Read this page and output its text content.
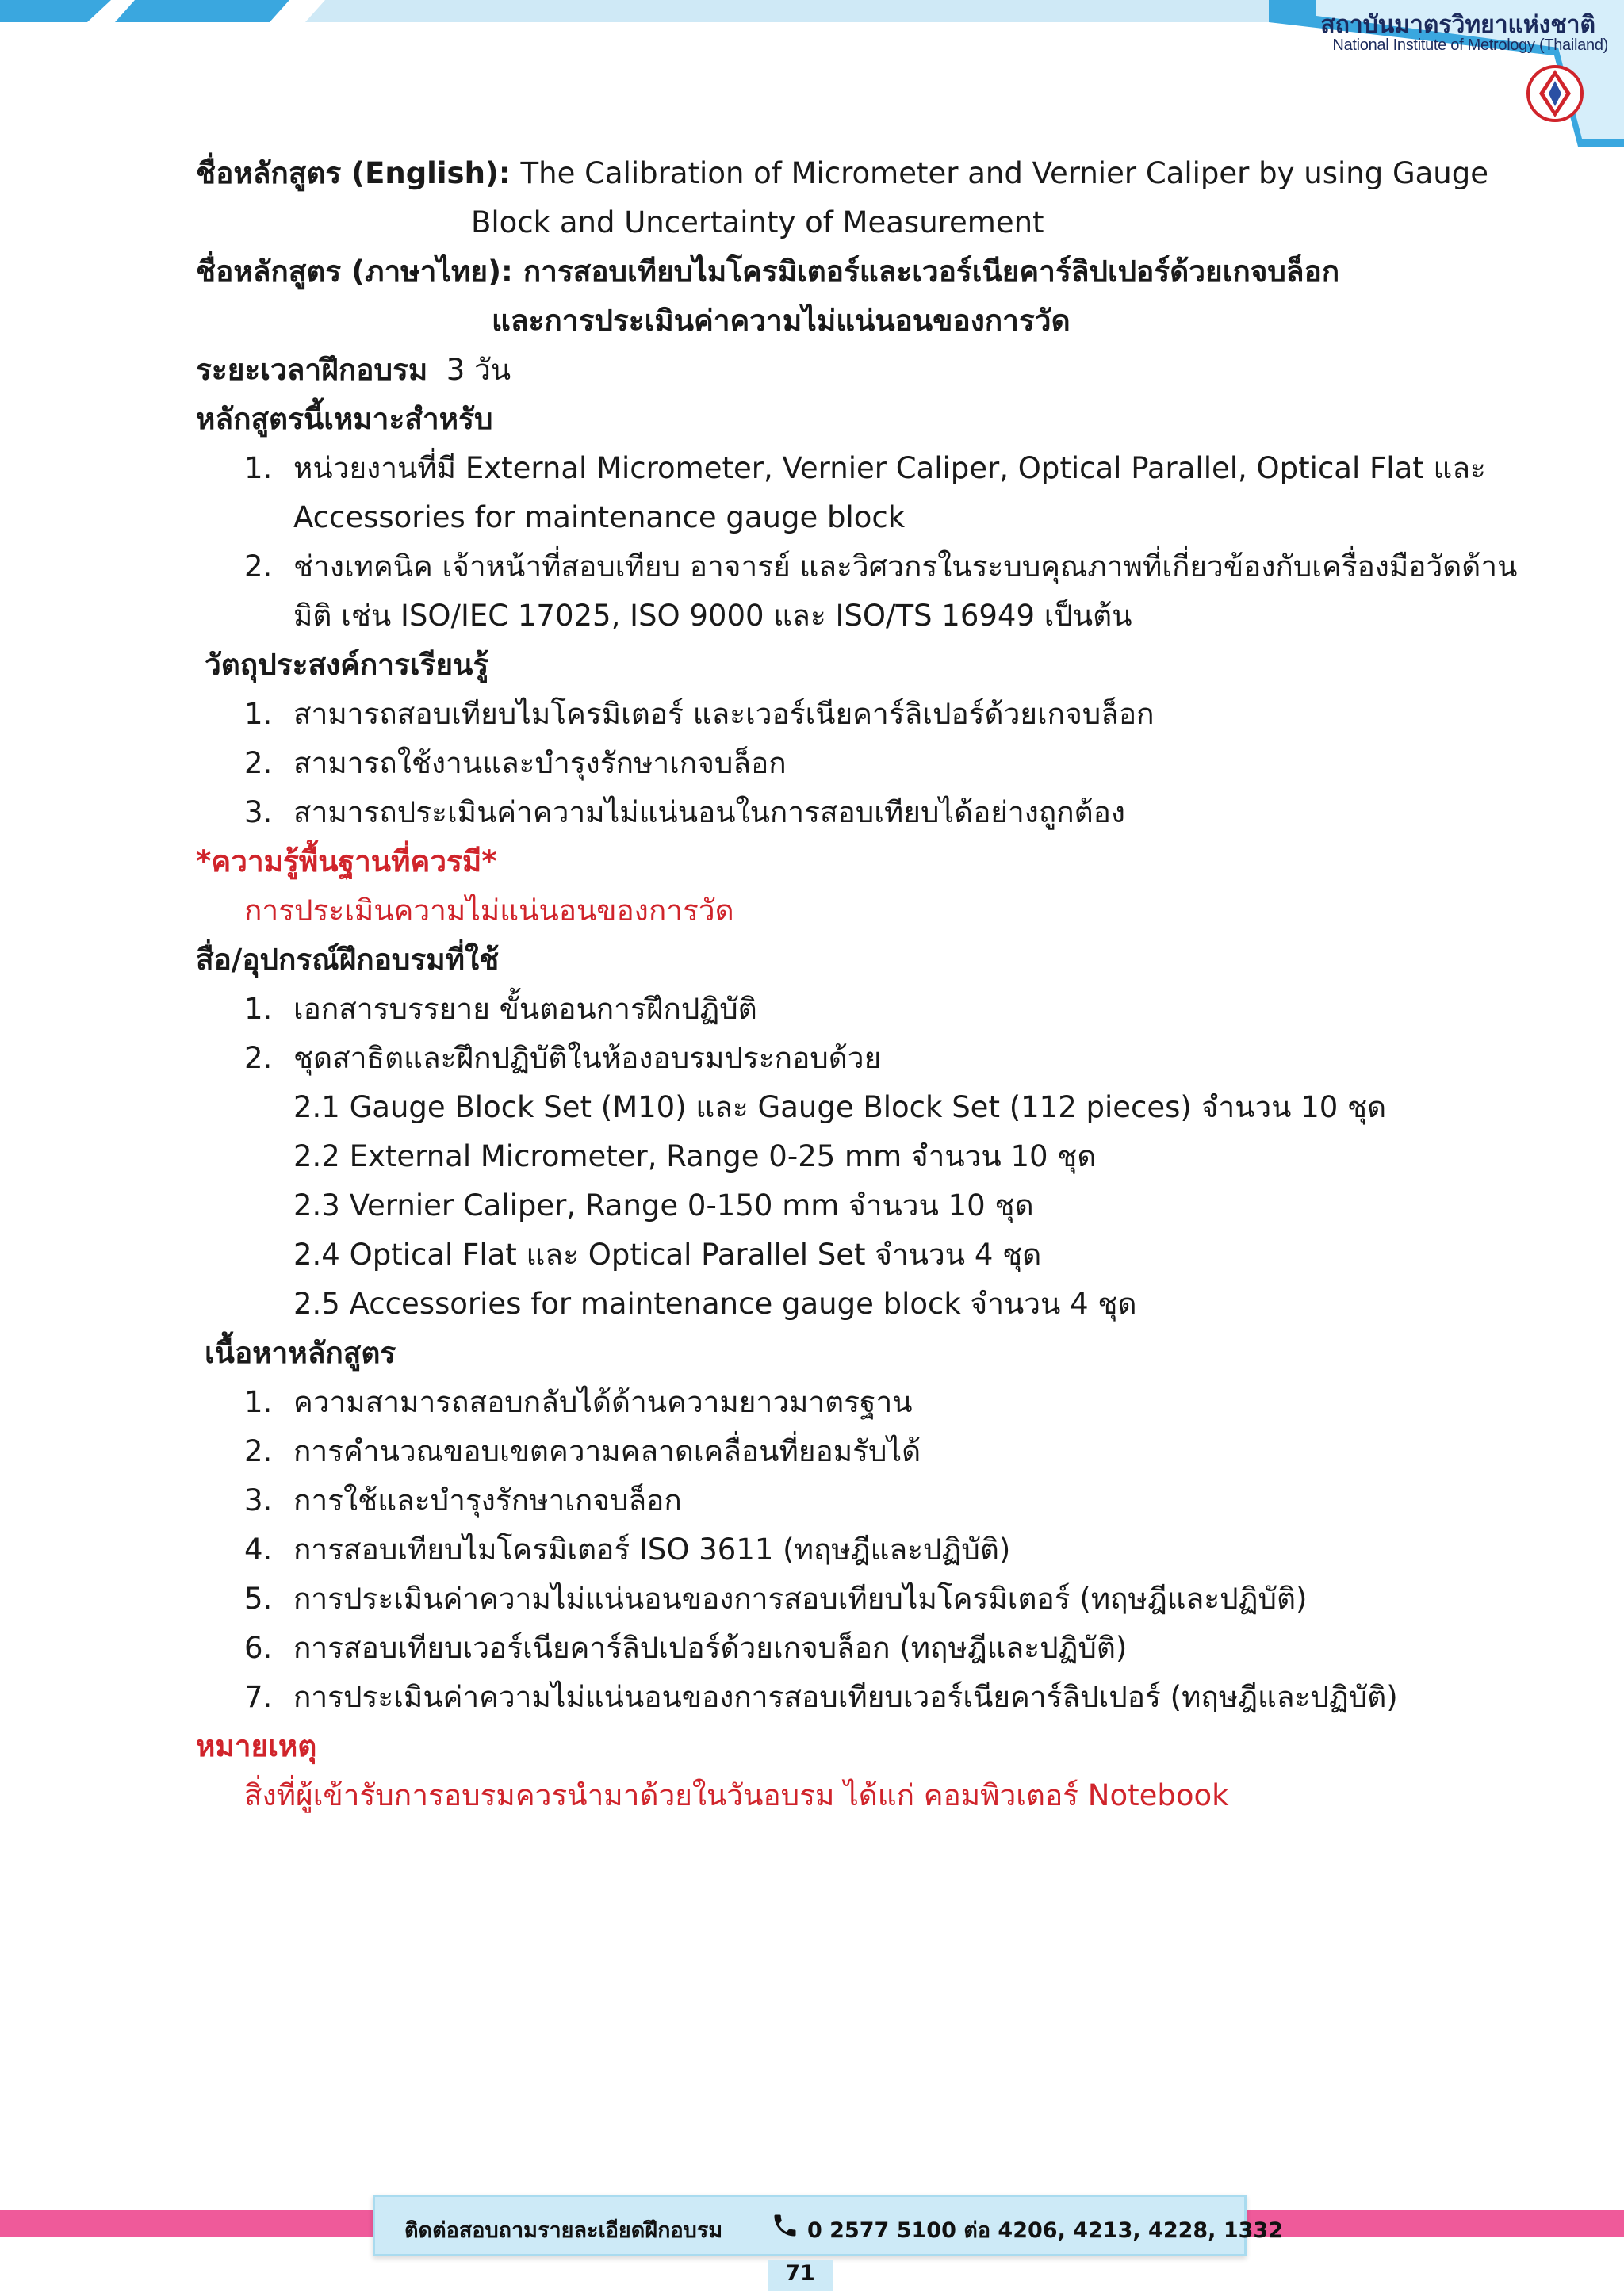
สถาบันมาตรวิทยาแห่งชาติ
National Institute of Metrology (Thailand)
ชื่อหลักสูตร (English): The Calibration of Micrometer and Vernier Caliper by using Gauge
Block and Uncertainty of Measurement
ชื่อหลักสูตร (ภาษาไทย): การสอบเทียบไมโครมิเตอร์และเวอร์เนียคาร์ลิปเปอร์ด้วยเกจบล็อก
และการประเมินค่าความไม่แน่นอนของการวัด
ระยะเวลาฝึกอบรม 3 วัน
หลักสูตรนี้เหมาะสำหรับ
1. หน่วยงานที่มี External Micrometer, Vernier Caliper, Optical Parallel, Optical Flat และ
Accessories for maintenance gauge block
2. ช่างเทคนิค เจ้าหน้าที่สอบเทียบ อาจารย์ และวิศวกรในระบบคุณภาพที่เกี่ยวข้องกับเครื่องมือวัดด้าน
มิติ เช่น ISO/IEC 17025, ISO 9000 และ ISO/TS 16949 เป็นต้น
วัตถุประสงค์การเรียนรู้
1. สามารถสอบเทียบไมโครมิเตอร์ และเวอร์เนียคาร์ลิเปอร์ด้วยเกจบล็อก
2. สามารถใช้งานและบำรุงรักษาเกจบล็อก
3. สามารถประเมินค่าความไม่แน่นอนในการสอบเทียบได้อย่างถูกต้อง
*ความรู้พื้นฐานที่ควรมี*
การประเมินความไม่แน่นอนของการวัด
สื่อ/อุปกรณ์ฝึกอบรมที่ใช้
1. เอกสารบรรยาย ขั้นตอนการฝึกปฏิบัติ
2. ชุดสาธิตและฝึกปฏิบัติในห้องอบรมประกอบด้วย
2.1 Gauge Block Set (M10) และ Gauge Block Set (112 pieces) จำนวน 10 ชุด
2.2 External Micrometer, Range 0-25 mm จำนวน 10 ชุด
2.3 Vernier Caliper, Range 0-150 mm จำนวน 10 ชุด
2.4 Optical Flat และ Optical Parallel Set จำนวน 4 ชุด
2.5 Accessories for maintenance gauge block จำนวน 4 ชุด
เนื้อหาหลักสูตร
1. ความสามารถสอบกลับได้ด้านความยาวมาตรฐาน
2. การคำนวณขอบเขตความคลาดเคลื่อนที่ยอมรับได้
3. การใช้และบำรุงรักษาเกจบล็อก
4. การสอบเทียบไมโครมิเตอร์ ISO 3611 (ทฤษฎีและปฏิบัติ)
5. การประเมินค่าความไม่แน่นอนของการสอบเทียบไมโครมิเตอร์ (ทฤษฎีและปฏิบัติ)
6. การสอบเทียบเวอร์เนียคาร์ลิปเปอร์ด้วยเกจบล็อก (ทฤษฎีและปฏิบัติ)
7. การประเมินค่าความไม่แน่นอนของการสอบเทียบเวอร์เนียคาร์ลิปเปอร์ (ทฤษฎีและปฏิบัติ)
หมายเหตุ
สิ่งที่ผู้เข้ารับการอบรมควรนำมาด้วยในวันอบรม ได้แก่ คอมพิวเตอร์ Notebook
ติดต่อสอบถามรายละเอียดฝึกอบรม	0 2577 5100 ต่อ 4206, 4213, 4228, 1332
71
